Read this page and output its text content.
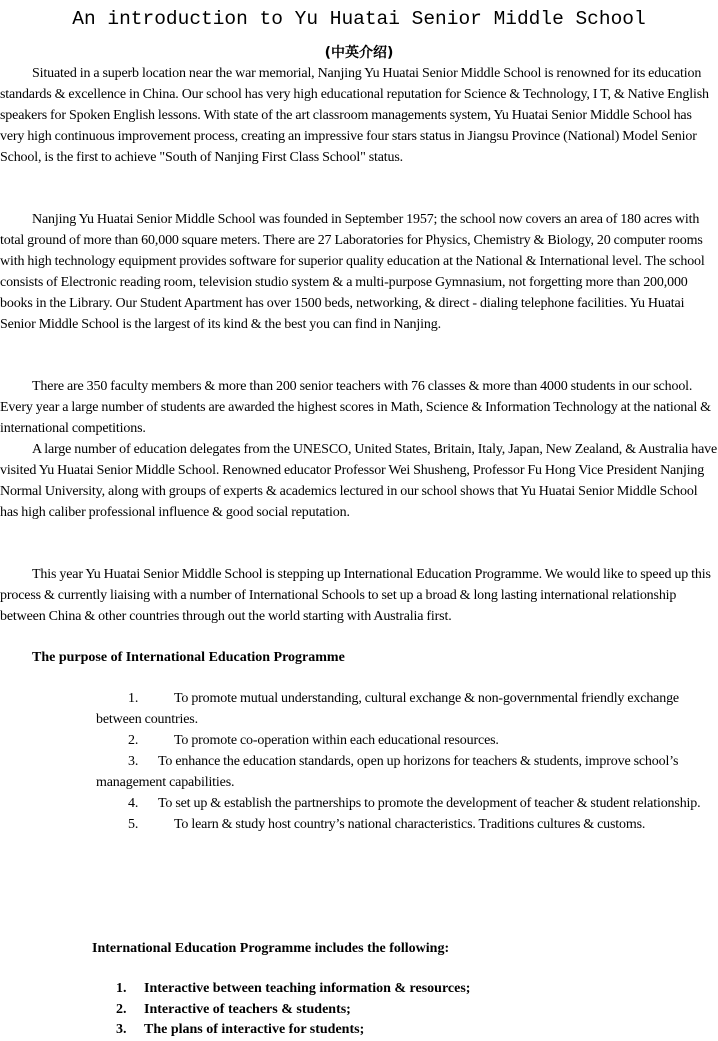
An introduction to Yu Huatai Senior Middle School
(中英介绍)

Situated in a superb location near the war memorial, Nanjing Yu Huatai Senior Middle School is renowned for its education standards & excellence in China. Our school has very high educational reputation for Science & Technology, I T, & Native English speakers for Spoken English lessons. With state of the art classroom managements system, Yu Huatai Senior Middle School has very high continuous improvement process, creating an impressive four stars status in Jiangsu Province (National) Model Senior School, is the first to achieve "South of Nanjing First Class School" status.

Nanjing Yu Huatai Senior Middle School was founded in September 1957; the school now covers an area of 180 acres with total ground of more than 60,000 square meters. There are 27 Laboratories for Physics, Chemistry & Biology, 20 computer rooms with high technology equipment provides software for superior quality education at the National & International level. The school consists of Electronic reading room, television studio system & a multi-purpose Gymnasium, not forgetting more than 200,000 books in the Library. Our Student Apartment has over 1500 beds, networking, & direct - dialing telephone facilities. Yu Huatai Senior Middle School is the largest of its kind & the best you can find in Nanjing.

There are 350 faculty members & more than 200 senior teachers with 76 classes & more than 4000 students in our school. Every year a large number of students are awarded the highest scores in Math, Science & Information Technology at the national & international competitions.

A large number of education delegates from the UNESCO, United States, Britain, Italy, Japan, New Zealand, & Australia have visited Yu Huatai Senior Middle School. Renowned educator Professor Wei Shusheng, Professor Fu Hong Vice President Nanjing Normal University, along with groups of experts & academics lectured in our school shows that Yu Huatai Senior Middle School has high caliber professional influence & good social reputation.

This year Yu Huatai Senior Middle School is stepping up International Education Programme. We would like to speed up this process & currently liaising with a number of International Schools to set up a broad & long lasting international relationship between China & other countries through out the world starting with Australia first.

The purpose of International Education Programme
1.	To promote mutual understanding, cultural exchange & non-governmental friendly exchange between countries.
2.	To promote co-operation within each educational resources.
3. To enhance the education standards, open up horizons for teachers & students, improve school’s management capabilities.
4. To set up & establish the partnerships to promote the development of teacher & student relationship.
5.	To learn & study host country’s national characteristics. Traditions cultures & customs.
International Education Programme includes the following:
1. Interactive between teaching information & resources;
2. Interactive of teachers & students;
3. The plans of interactive for students;
